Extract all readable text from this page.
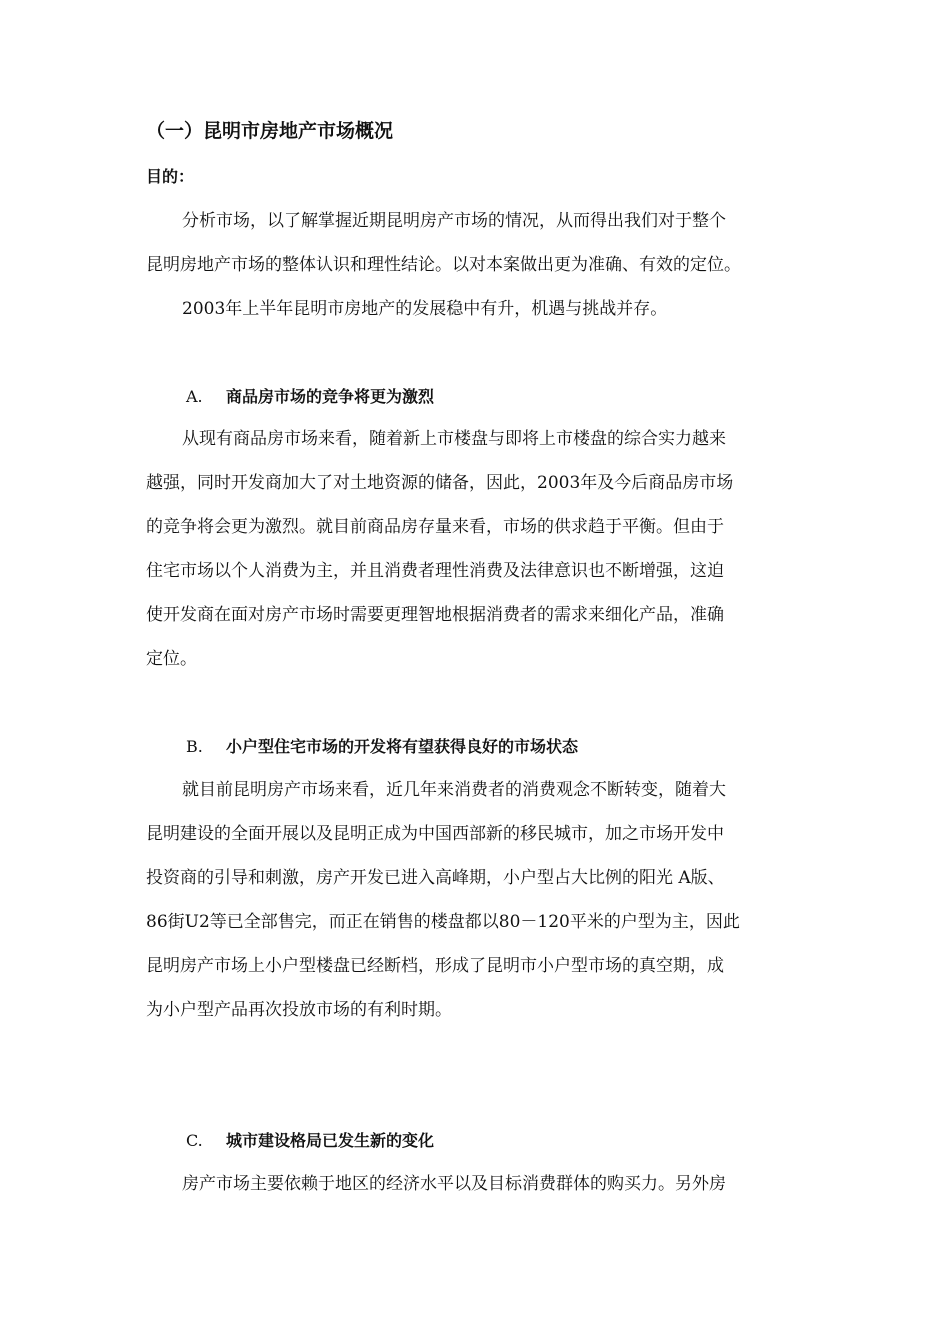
（一）昆明市房地产市场概况
目的：
分析市场，以了解掌握近期昆明房产市场的情况，从而得出我们对于整个
昆明房地产市场的整体认识和理性结论。以对本案做出更为准确、有效的定位。
2003年上半年昆明市房地产的发展稳中有升，机遇与挑战并存。
A. 商品房市场的竞争将更为激烈
从现有商品房市场来看，随着新上市楼盘与即将上市楼盘的综合实力越来
越强，同时开发商加大了对土地资源的储备，因此，2003年及今后商品房市场
的竞争将会更为激烈。就目前商品房存量来看，市场的供求趋于平衡。但由于
住宅市场以个人消费为主，并且消费者理性消费及法律意识也不断增强，这迫
使开发商在面对房产市场时需要更理智地根据消费者的需求来细化产品，准确
定位。
B. 小户型住宅市场的开发将有望获得良好的市场状态
就目前昆明房产市场来看，近几年来消费者的消费观念不断转变，随着大
昆明建设的全面开展以及昆明正成为中国西部新的移民城市，加之市场开发中
投资商的引导和刺激，房产开发已进入高峰期，小户型占大比例的阳光 A版、
86街U2等已全部售完，而正在销售的楼盘都以80－120平米的户型为主，因此
昆明房产市场上小户型楼盘已经断档，形成了昆明市小户型市场的真空期，成
为小户型产品再次投放市场的有利时期。
C. 城市建设格局已发生新的变化
房产市场主要依赖于地区的经济水平以及目标消费群体的购买力。另外房
